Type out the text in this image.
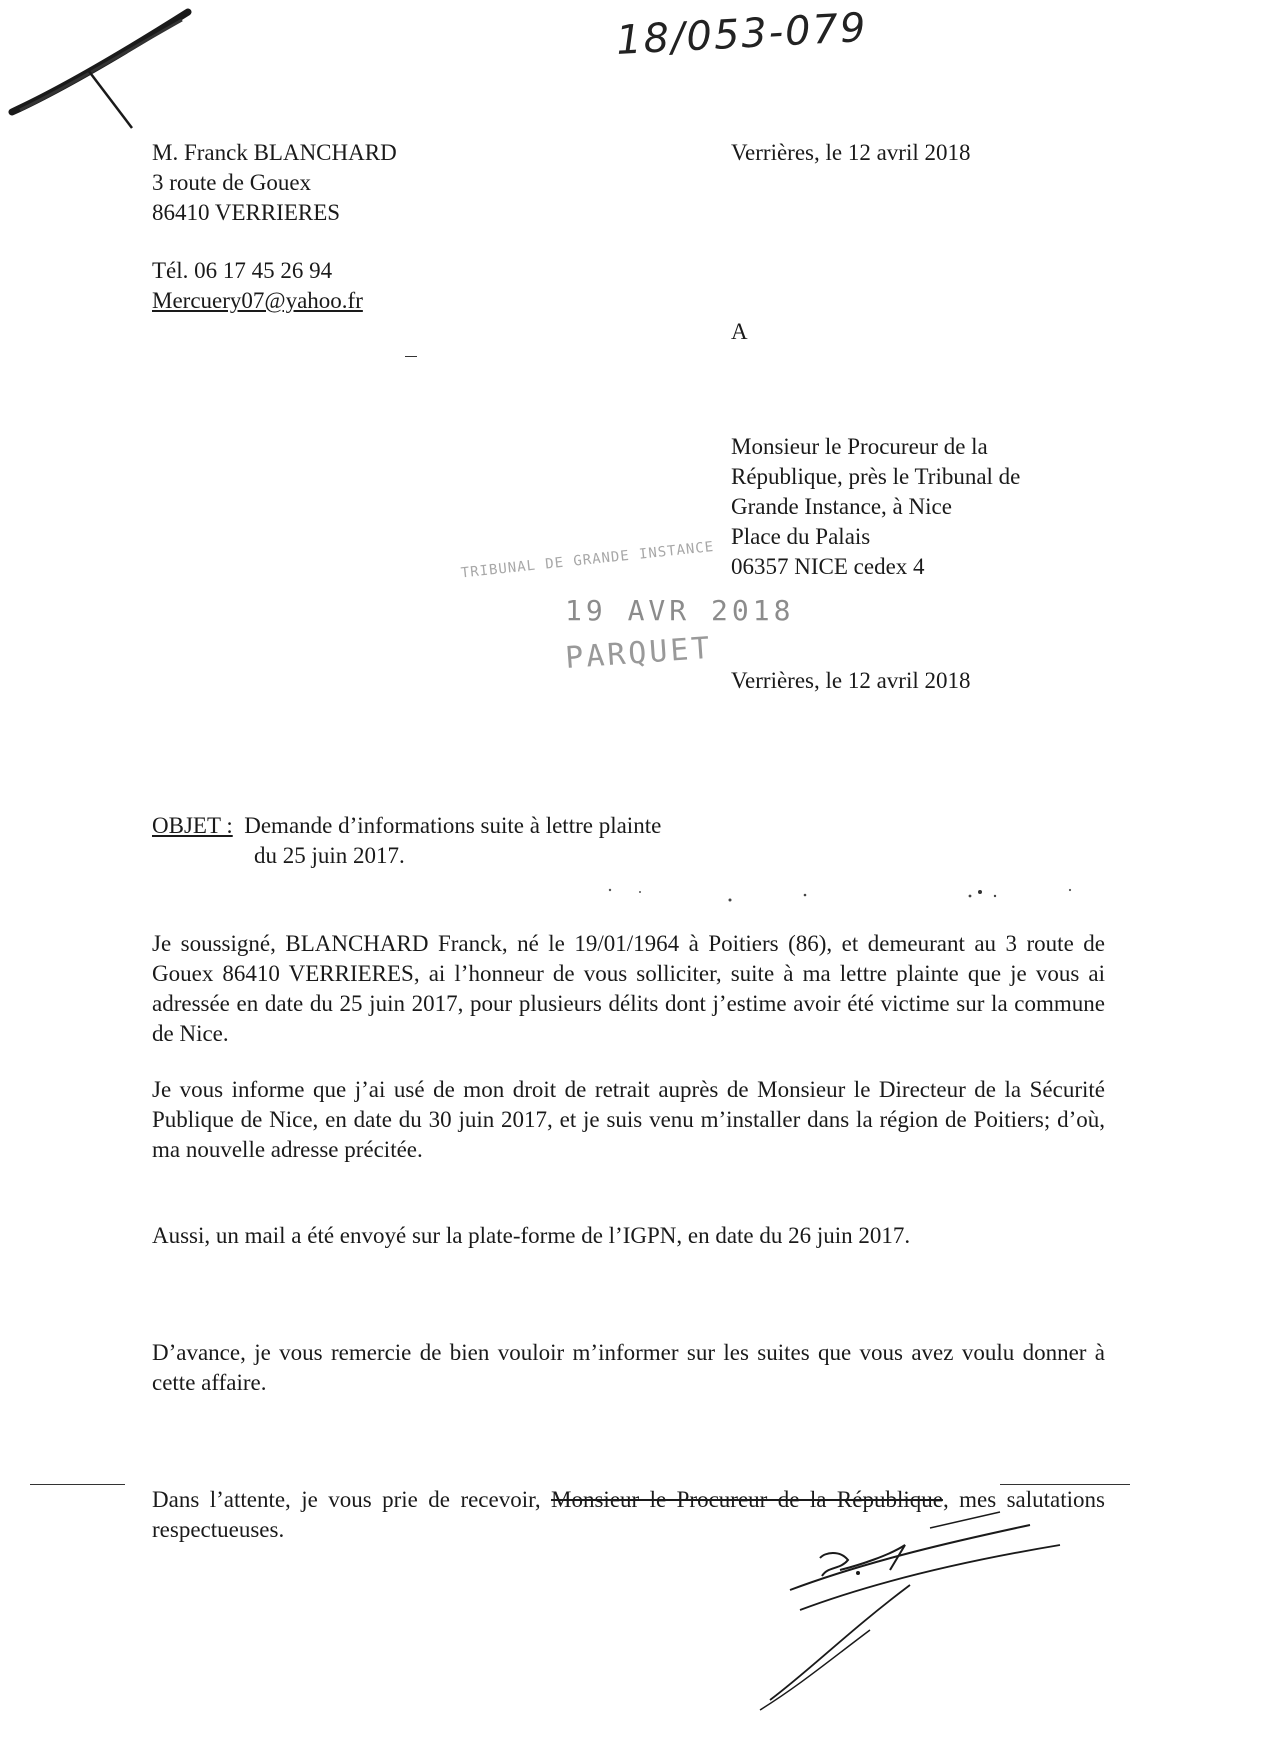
18/053-079
M. Franck BLANCHARD
3 route de Gouex
86410 VERRIERES
Tél. 06 17 45 26 94
Mercuery07@yahoo.fr
Verrières, le 12 avril 2018
A
Monsieur le Procureur de la
République, près le Tribunal de
Grande Instance, à Nice
Place du Palais
06357 NICE cedex 4
TRIBUNAL DE GRANDE INSTANCE
19 AVR 2018
PARQUET
Verrières, le 12 avril 2018
OBJET : Demande d’informations suite à lettre plainte
du 25 juin 2017.
Je soussigné, BLANCHARD Franck, né le 19/01/1964 à Poitiers (86), et demeurant au 3 route de Gouex 86410 VERRIERES, ai l’honneur de vous solliciter, suite à ma lettre plainte que je vous ai adressée en date du 25 juin 2017, pour plusieurs délits dont j’estime avoir été victime sur la commune de Nice.
Je vous informe que j’ai usé de mon droit de retrait auprès de Monsieur le Directeur de la Sécurité Publique de Nice, en date du 30 juin 2017, et je suis venu m’installer dans la région de Poitiers; d’où, ma nouvelle adresse précitée.
Aussi, un mail a été envoyé sur la plate-forme de l’IGPN, en date du 26 juin 2017.
D’avance, je vous remercie de bien vouloir m’informer sur les suites que vous avez voulu donner à cette affaire.
Dans l’attente, je vous prie de recevoir, Monsieur le Procureur de la République, mes salutations respectueuses.
